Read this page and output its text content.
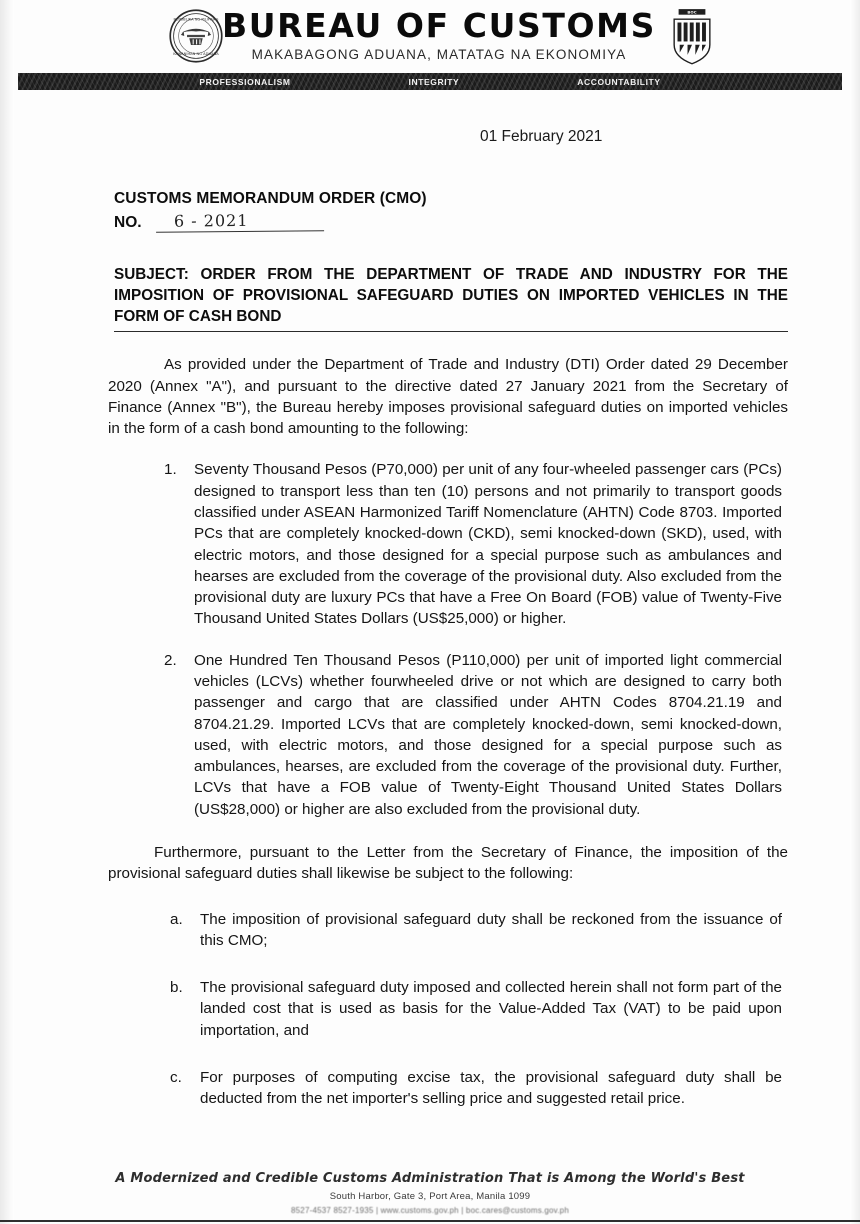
REPUBLIKA NG PILIPINAS
KAWANIHAN NG ADUANA
BUREAU OF CUSTOMS
MAKABAGONG ADUANA, MATATAG NA EKONOMIYA
BOC
PROFESSIONALISM	INTEGRITY	ACCOUNTABILITY
01 February 2021
CUSTOMS MEMORANDUM ORDER (CMO)
NO.	6 - 2021
SUBJECT: ORDER FROM THE DEPARTMENT OF TRADE AND INDUSTRY FOR THE IMPOSITION OF PROVISIONAL SAFEGUARD DUTIES ON IMPORTED VEHICLES IN THE FORM OF CASH BOND

As provided under the Department of Trade and Industry (DTI) Order dated 29 December 2020 (Annex "A"), and pursuant to the directive dated 27 January 2021 from the Secretary of Finance (Annex "B"), the Bureau hereby imposes provisional safeguard duties on imported vehicles in the form of a cash bond amounting to the following:

1.	Seventy Thousand Pesos (P70,000) per unit of any four-wheeled passenger cars (PCs) designed to transport less than ten (10) persons and not primarily to transport goods classified under ASEAN Harmonized Tariff Nomenclature (AHTN) Code 8703. Imported PCs that are completely knocked-down (CKD), semi knocked-down (SKD), used, with electric motors, and those designed for a special purpose such as ambulances and hearses are excluded from the coverage of the provisional duty. Also excluded from the provisional duty are luxury PCs that have a Free On Board (FOB) value of Twenty-Five Thousand United States Dollars (US$25,000) or higher.
2.	One Hundred Ten Thousand Pesos (P110,000) per unit of imported light commercial vehicles (LCVs) whether fourwheeled drive or not which are designed to carry both passenger and cargo that are classified under AHTN Codes 8704.21.19 and 8704.21.29. Imported LCVs that are completely knocked-down, semi knocked-down, used, with electric motors, and those designed for a special purpose such as ambulances, hearses, are excluded from the coverage of the provisional duty. Further, LCVs that have a FOB value of Twenty-Eight Thousand United States Dollars (US$28,000) or higher are also excluded from the provisional duty.

Furthermore, pursuant to the Letter from the Secretary of Finance, the imposition of the provisional safeguard duties shall likewise be subject to the following:

a.	The imposition of provisional safeguard duty shall be reckoned from the issuance of this CMO;
b.	The provisional safeguard duty imposed and collected herein shall not form part of the landed cost that is used as basis for the Value-Added Tax (VAT) to be paid upon importation, and
c.	For purposes of computing excise tax, the provisional safeguard duty shall be deducted from the net importer's selling price and suggested retail price.
A Modernized and Credible Customs Administration That is Among the World's Best
South Harbor, Gate 3, Port Area, Manila 1099
8527-4537 8527-1935 | www.customs.gov.ph | boc.cares@customs.gov.ph
